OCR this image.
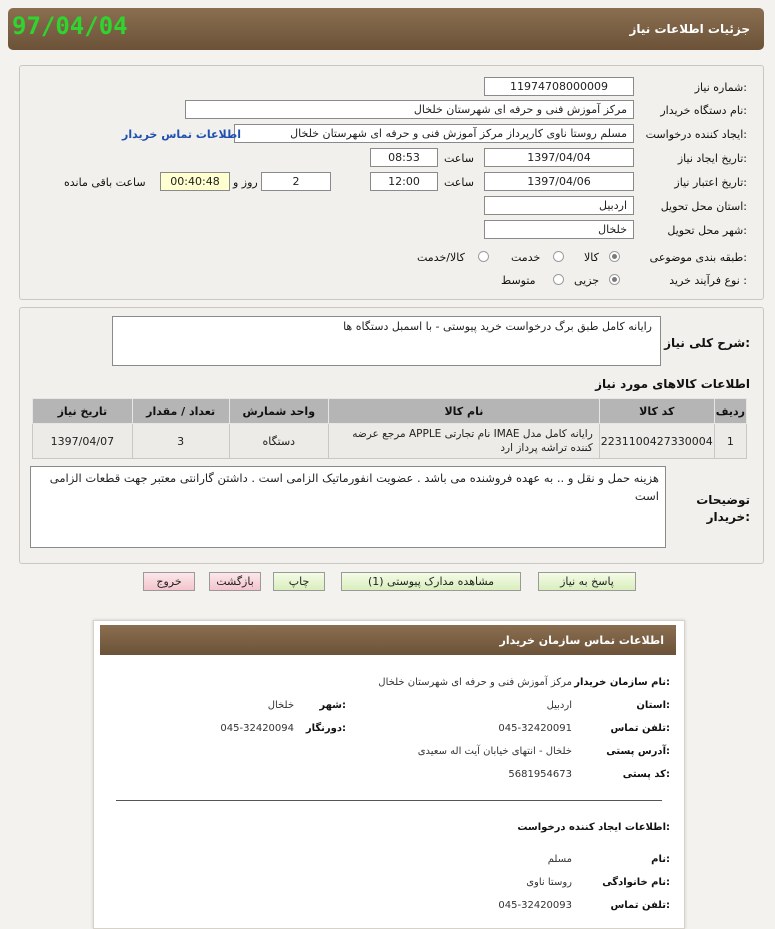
جزئیات اطلاعات نیاز
97/04/04
شماره نیاز:
1197470800000‏9
نام دستگاه خریدار:
مرکز آموزش فنی و حرفه ای شهرستان خلخال
ایجاد کننده درخواست:
مسلم روستا ناوی کارپرداز مرکز آموزش فنی و حرفه ای شهرستان خلخال
اطلاعات تماس خریدار
تاریخ ایجاد نیاز:
1397/04/04
ساعت
08:53
تاریخ اعتبار نیاز:
1397/04/06
ساعت
12:00
2
روز و
00:40:48
ساعت باقی مانده
استان محل تحویل:
اردبیل
شهر محل تحویل:
خلخال
طبقه بندی موضوعی:
کالا
خدمت
کالا/خدمت
نوع فرآیند خرید :
جزیی
متوسط
شرح کلی نیاز:
رایانه کامل طبق برگ درخواست خرید پیوستی - با اسمبل دستگاه ها
اطلاعات کالاهای مورد نیاز
ردیف	کد کالا	نام کالا	واحد شمارش	تعداد / مقدار	تاریخ نیاز
1	2231100427330004	رایانه کامل مدل IMAE نام تجارتی APPLE مرجع عرضه کننده تراشه پرداز ارد	دستگاه	3	1397/04/07
توضیحات خریدار:
هزینه حمل و نقل و .. به عهده فروشنده می باشد . عضویت انفورماتیک الزامی است . داشتن گارانتی معتبر جهت قطعات الزامی است
پاسخ به نیاز
مشاهده مدارک پیوستی (1)
چاپ
بازگشت
خروج
اطلاعات تماس سازمان خریدار
نام سازمان خریدار:
مرکز آموزش فنی و حرفه ای شهرستان خلخال
استان:
اردبیل
شهر:
خلخال
تلفن تماس:
045-32420091
دورنگار:
045-32420094
آدرس پستی:
خلخال - انتهای خیابان آیت اله سعیدی
کد پستی:
5681954673
اطلاعات ایجاد کننده درخواست:
نام:
مسلم
نام خانوادگی:
روستا ناوی
تلفن تماس:
045-32420093
